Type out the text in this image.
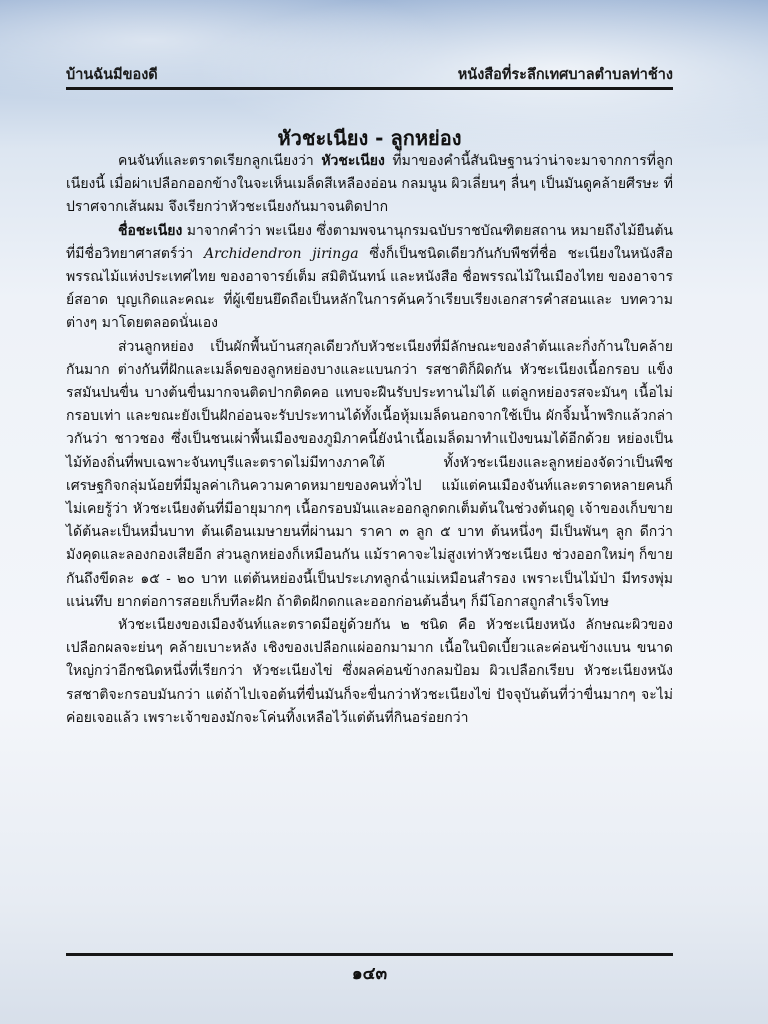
บ้านฉันมีของดี	หนังสือที่ระลึกเทศบาลตำบลท่าช้าง
หัวชะเนียง - ลูกหย่อง

คนจันท์และตราดเรียกลูกเนียงว่า หัวชะเนียง ที่มาของคำนี้สันนิษฐานว่าน่าจะมาจากการที่ลูกเนียงนี้ เมื่อผ่าเปลือกออกข้างในจะเห็นเมล็ดสีเหลืองอ่อน กลมนูน ผิวเลี่ยนๆ ลื่นๆ เป็นมันดูคล้ายศีรษะ ที่ปราศจากเส้นผม จึงเรียกว่าหัวชะเนียงกันมาจนติดปาก

ชื่อชะเนียง มาจากคำว่า พะเนียง ซึ่งตามพจนานุกรมฉบับราชบัณฑิตยสถาน หมายถึงไม้ยืนต้นที่มีชื่อวิทยาศาสตร์ว่า Archidendron jiringa ซึ่งก็เป็นชนิดเดียวกันกับพืชที่ชื่อ ชะเนียงในหนังสือพรรณไม้แห่งประเทศไทย ของอาจารย์เต็ม สมิตินันทน์ และหนังสือ ชื่อพรรณไม้ในเมืองไทย ของอาจารย์สอาด บุญเกิดและคณะ ที่ผู้เขียนยึดถือเป็นหลักในการค้นคว้าเรียบเรียงเอกสารคำสอนและ บทความต่างๆ มาโดยตลอดนั่นเอง

ส่วนลูกหย่อง เป็นผักพื้นบ้านสกุลเดียวกับหัวชะเนียงที่มีลักษณะของลำต้นและกิ่งก้านใบคล้ายกันมาก ต่างกันที่ฝักและเมล็ดของลูกหย่องบางและแบนกว่า รสชาติก็ผิดกัน หัวชะเนียงเนื้อกรอบ แข็ง รสมันปนขื่น บางต้นขื่นมากจนติดปากติดคอ แทบจะฝืนรับประทานไม่ได้ แต่ลูกหย่องรสจะมันๆ เนื้อไม่กรอบเท่า และขณะยังเป็นฝักอ่อนจะรับประทานได้ทั้งเนื้อหุ้มเมล็ดนอกจากใช้เป็น ผักจิ้มน้ำพริกแล้วกล่าวกันว่า ชาวชอง ซึ่งเป็นชนเผ่าพื้นเมืองของภูมิภาคนี้ยังนำเนื้อเมล็ดมาทำแป้งขนมได้อีกด้วย หย่องเป็นไม้ท้องถิ่นที่พบเฉพาะจันทบุรีและตราดไม่มีทางภาคใต้ ทั้งหัวชะเนียงและลูกหย่องจัดว่าเป็นพืชเศรษฐกิจกลุ่มน้อยที่มีมูลค่าเกินความคาดหมายของคนทั่วไป แม้แต่คนเมืองจันท์และตราดหลายคนก็ไม่เคยรู้ว่า หัวชะเนียงต้นที่มีอายุมากๆ เนื้อกรอบมันและออกลูกดกเต็มต้นในช่วงต้นฤดู เจ้าของเก็บขายได้ต้นละเป็นหมื่นบาท ต้นเดือนเมษายนที่ผ่านมา ราคา ๓ ลูก ๕ บาท ต้นหนึ่งๆ มีเป็นพันๆ ลูก ดีกว่ามังคุดและลองกองเสียอีก ส่วนลูกหย่องก็เหมือนกัน แม้ราคาจะไม่สูงเท่าหัวชะเนียง ช่วงออกใหม่ๆ ก็ขายกันถึงขีดละ ๑๕ - ๒๐ บาท แต่ต้นหย่องนี้เป็นประเภทลูกฉ่ำแม่เหมือนสำรอง เพราะเป็นไม้ป่า มีทรงพุ่มแน่นทึบ ยากต่อการสอยเก็บทีละฝัก ถ้าติดฝักดกและออกก่อนต้นอื่นๆ ก็มีโอกาสถูกสำเร็จโทษ

หัวชะเนียงของเมืองจันท์และตราดมีอยู่ด้วยกัน ๒ ชนิด คือ หัวชะเนียงหนัง ลักษณะผิวของเปลือกผลจะย่นๆ คล้ายเบาะหลัง เชิงของเปลือกแผ่ออกมามาก เนื้อในบิดเบี้ยวและค่อนข้างแบน ขนาดใหญ่กว่าอีกชนิดหนึ่งที่เรียกว่า หัวชะเนียงไข่ ซึ่งผลค่อนข้างกลมป้อม ผิวเปลือกเรียบ หัวชะเนียงหนัง รสชาติจะกรอบมันกว่า แต่ถ้าไปเจอต้นที่ขื่นมันก็จะขื่นกว่าหัวชะเนียงไข่ ปัจจุบันต้นที่ว่าขื่นมากๆ จะไม่ค่อยเจอแล้ว เพราะเจ้าของมักจะโค่นทิ้งเหลือไว้แต่ต้นที่กินอร่อยกว่า

๑๔๓
